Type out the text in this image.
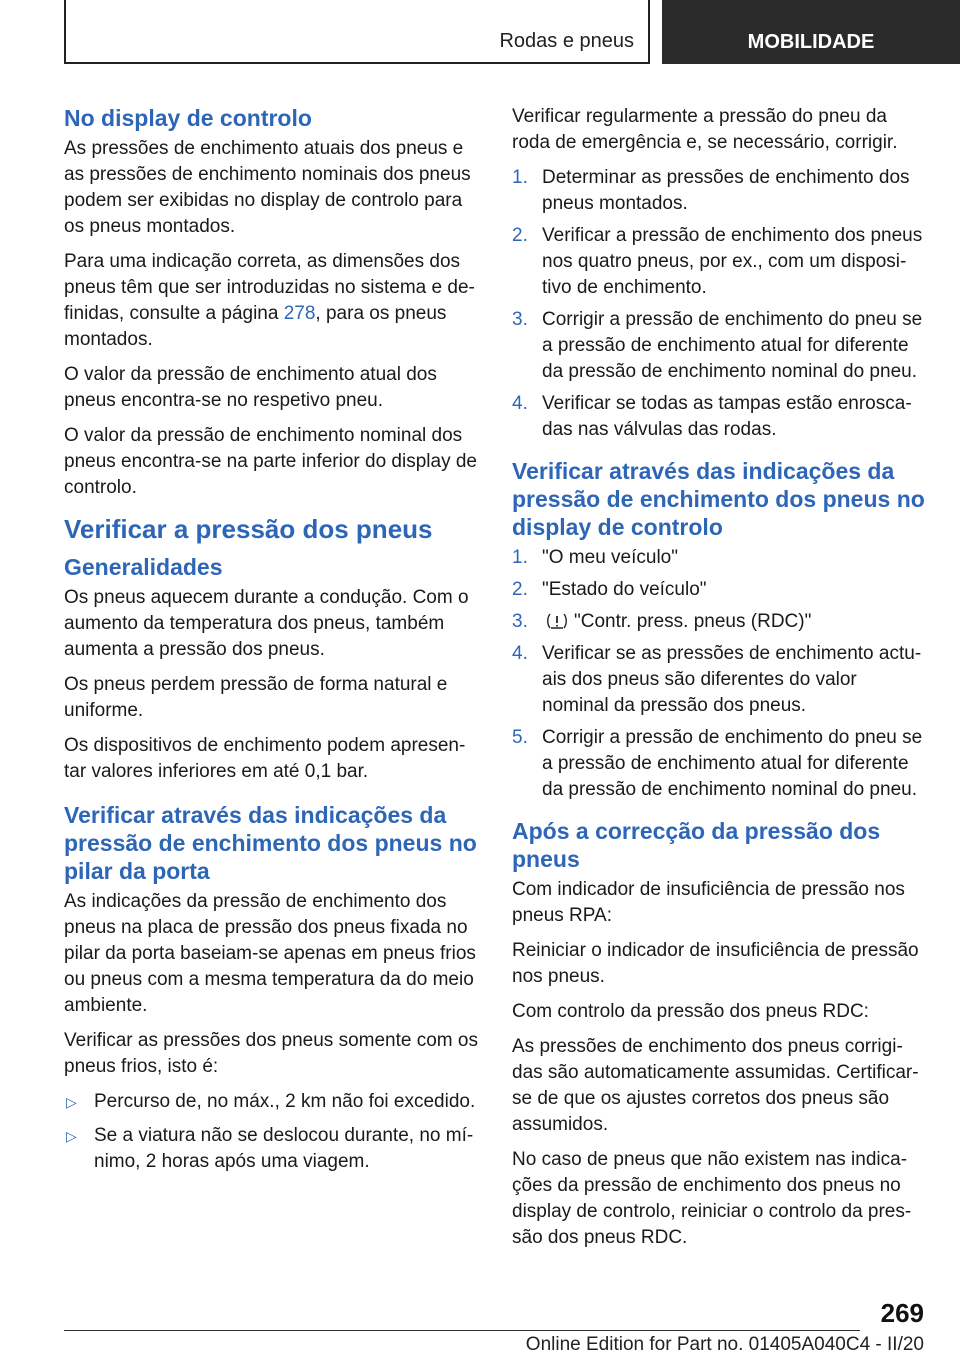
Rodas e pneus	MOBILIDADE
No display de controlo

As pressões de enchimento atuais dos pneus e as pressões de enchimento nominais dos pneus podem ser exibidas no display de controlo para os pneus montados.

Para uma indicação correta, as dimensões dos pneus têm que ser introduzidas no sistema e definidas, consulte a página 278, para os pneus montados.

O valor da pressão de enchimento atual dos pneus encontra-se no respetivo pneu.

O valor da pressão de enchimento nominal dos pneus encontra-se na parte inferior do display de controlo.

Verificar a pressão dos pneus
Generalidades

Os pneus aquecem durante a condução. Com o aumento da temperatura dos pneus, também aumenta a pressão dos pneus.

Os pneus perdem pressão de forma natural e uniforme.

Os dispositivos de enchimento podem apresentar valores inferiores em até 0,1 bar.

Verificar através das indicações da pressão de enchimento dos pneus no pilar da porta

As indicações da pressão de enchimento dos pneus na placa de pressão dos pneus fixada no pilar da porta baseiam-se apenas em pneus frios ou pneus com a mesma temperatura da do meio ambiente.

Verificar as pressões dos pneus somente com os pneus frios, isto é:

▷ Percurso de, no máx., 2 km não foi excedido.
▷ Se a viatura não se deslocou durante, no mínimo, 2 horas após uma viagem.

Verificar regularmente a pressão do pneu da roda de emergência e, se necessário, corrigir.

1. Determinar as pressões de enchimento dos pneus montados.
2. Verificar a pressão de enchimento dos pneus nos quatro pneus, por ex., com um dispositivo de enchimento.
3. Corrigir a pressão de enchimento do pneu se a pressão de enchimento atual for diferente da pressão de enchimento nominal do pneu.
4. Verificar se todas as tampas estão enroscadas nas válvulas das rodas.
Verificar através das indicações da pressão de enchimento dos pneus no display de controlo
1. "O meu veículo"
2. "Estado do veículo"
3. "Contr. press. pneus (RDC)"
4. Verificar se as pressões de enchimento actuais dos pneus são diferentes do valor nominal da pressão dos pneus.
5. Corrigir a pressão de enchimento do pneu se a pressão de enchimento atual for diferente da pressão de enchimento nominal do pneu.
Após a correcção da pressão dos pneus

Com indicador de insuficiência de pressão nos pneus RPA:

Reiniciar o indicador de insuficiência de pressão nos pneus.

Com controlo da pressão dos pneus RDC:

As pressões de enchimento dos pneus corrigidas são automaticamente assumidas. Certificar-se de que os ajustes corretos dos pneus são assumidos.

No caso de pneus que não existem nas indicações da pressão de enchimento dos pneus no display de controlo, reiniciar o controlo da pressão dos pneus RDC.

269
Online Edition for Part no. 01405A040C4 - II/20
